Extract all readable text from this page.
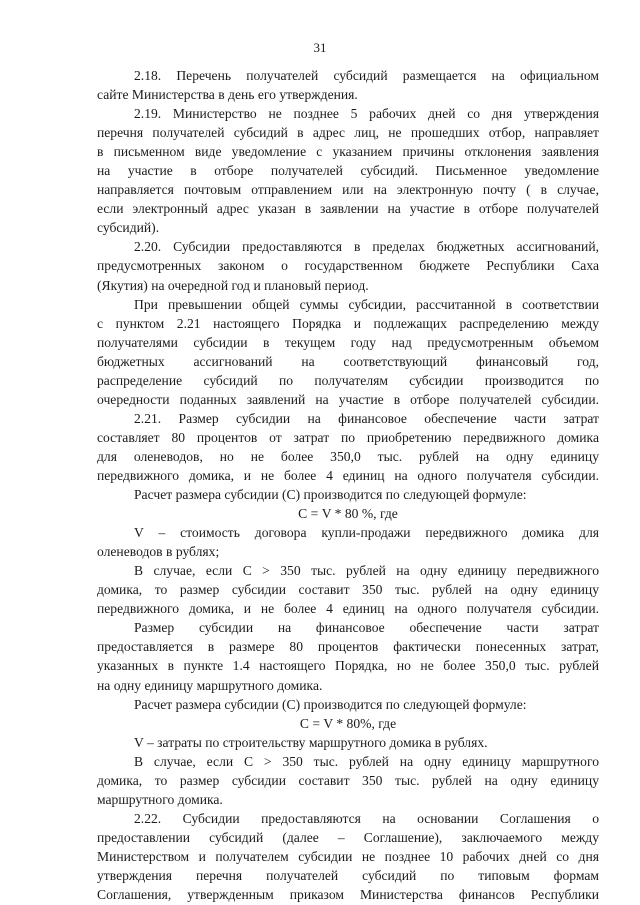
31
2.18. Перечень получателей субсидий размещается на официальном
сайте Министерства в день его утверждения.
2.19. Министерство не позднее 5 рабочих дней со дня утверждения
перечня получателей субсидий в адрес лиц, не прошедших отбор, направляет
в письменном виде уведомление с указанием причины отклонения заявления
на участие в отборе получателей субсидий. Письменное уведомление
направляется почтовым отправлением или на электронную почту ( в случае,
если электронный адрес указан в заявлении на участие в отборе получателей
субсидий).
2.20. Субсидии предоставляются в пределах бюджетных ассигнований,
предусмотренных законом о государственном бюджете Республики Саха
(Якутия) на очередной год и плановый период.
При превышении общей суммы субсидии, рассчитанной в соответствии
с пунктом 2.21 настоящего Порядка и подлежащих распределению между
получателями субсидии в текущем году над предусмотренным объемом
бюджетных ассигнований на соответствующий финансовый год,
распределение субсидий по получателям субсидии производится по
очередности поданных заявлений на участие в отборе получателей субсидии.
2.21. Размер субсидии на финансовое обеспечение части затрат
составляет 80 процентов от затрат по приобретению передвижного домика
для оленеводов, но не более 350,0 тыс. рублей на одну единицу
передвижного домика, и не более 4 единиц на одного получателя субсидии.
Расчет размера субсидии (С) производится по следующей формуле:
С = V * 80 %, где
V – стоимость договора купли-продажи передвижного домика для
оленеводов в рублях;
В случае, если С > 350 тыс. рублей на одну единицу передвижного
домика, то размер субсидии составит 350 тыс. рублей на одну единицу
передвижного домика, и не более 4 единиц на одного получателя субсидии.
Размер субсидии на финансовое обеспечение части затрат
предоставляется в размере 80 процентов фактически понесенных затрат,
указанных в пункте 1.4 настоящего Порядка, но не более 350,0 тыс. рублей
на одну единицу маршрутного домика.
Расчет размера субсидии (С) производится по следующей формуле:
С = V * 80%, где
V – затраты по строительству маршрутного домика в рублях.
В случае, если С > 350 тыс. рублей на одну единицу маршрутного
домика, то размер субсидии составит 350 тыс. рублей на одну единицу
маршрутного домика.
2.22. Субсидии предоставляются на основании Соглашения о
предоставлении субсидий (далее – Соглашение), заключаемого между
Министерством и получателем субсидии не позднее 10 рабочих дней со дня
утверждения перечня получателей субсидий по типовым формам
Соглашения, утвержденным приказом Министерства финансов Республики
